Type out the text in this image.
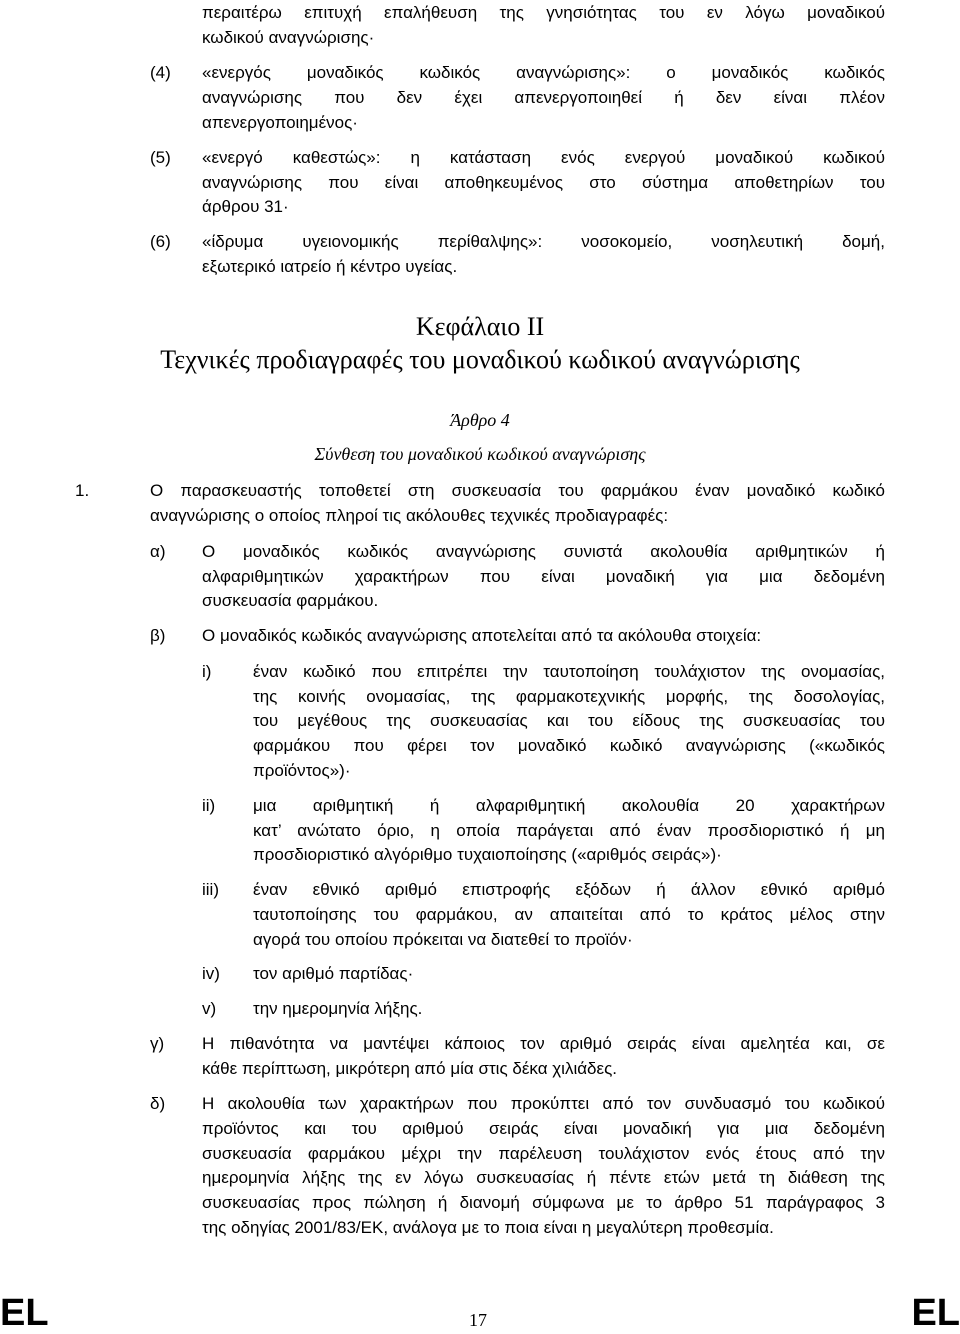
περαιτέρω επιτυχή επαλήθευση της γνησιότητας του εν λόγω μοναδικού
κωδικού αναγνώρισης·
(4) «ενεργός μοναδικός κωδικός αναγνώρισης»: ο μοναδικός κωδικός
αναγνώρισης που δεν έχει απενεργοποιηθεί ή δεν είναι πλέον
απενεργοποιημένος·
(5) «ενεργό καθεστώς»: η κατάσταση ενός ενεργού μοναδικού κωδικού
αναγνώρισης που είναι αποθηκευμένος στο σύστημα αποθετηρίων του
άρθρου 31·
(6) «ίδρυμα υγειονομικής περίθαλψης»: νοσοκομείο, νοσηλευτική δομή,
εξωτερικό ιατρείο ή κέντρο υγείας.
Κεφάλαιο II
Τεχνικές προδιαγραφές του μοναδικού κωδικού αναγνώρισης
Άρθρο 4
Σύνθεση του μοναδικού κωδικού αναγνώρισης
1.	Ο παρασκευαστής τοποθετεί στη συσκευασία του φαρμάκου έναν μοναδικό κωδικό
αναγνώρισης ο οποίος πληροί τις ακόλουθες τεχνικές προδιαγραφές:
α) Ο μοναδικός κωδικός αναγνώρισης συνιστά ακολουθία αριθμητικών ή
αλφαριθμητικών χαρακτήρων που είναι μοναδική για μια δεδομένη
συσκευασία φαρμάκου.
β) Ο μοναδικός κωδικός αναγνώρισης αποτελείται από τα ακόλουθα στοιχεία:
i) έναν κωδικό που επιτρέπει την ταυτοποίηση τουλάχιστον της ονομασίας,
της κοινής ονομασίας, της φαρμακοτεχνικής μορφής, της δοσολογίας,
του μεγέθους της συσκευασίας και του είδους της συσκευασίας του
φαρμάκου που φέρει τον μοναδικό κωδικό αναγνώρισης («κωδικός
προϊόντος»)·
ii) μια αριθμητική ή αλφαριθμητική ακολουθία 20 χαρακτήρων
κατ’ ανώτατο όριο, η οποία παράγεται από έναν προσδιοριστικό ή μη
προσδιοριστικό αλγόριθμο τυχαιοποίησης («αριθμός σειράς»)·
iii) έναν εθνικό αριθμό επιστροφής εξόδων ή άλλον εθνικό αριθμό
ταυτοποίησης του φαρμάκου, αν απαιτείται από το κράτος μέλος στην
αγορά του οποίου πρόκειται να διατεθεί το προϊόν·
iv) τον αριθμό παρτίδας·
v) την ημερομηνία λήξης.
γ) Η πιθανότητα να μαντέψει κάποιος τον αριθμό σειράς είναι αμελητέα και, σε
κάθε περίπτωση, μικρότερη από μία στις δέκα χιλιάδες.
δ) Η ακολουθία των χαρακτήρων που προκύπτει από τον συνδυασμό του κωδικού
προϊόντος και του αριθμού σειράς είναι μοναδική για μια δεδομένη
συσκευασία φαρμάκου μέχρι την παρέλευση τουλάχιστον ενός έτους από την
ημερομηνία λήξης της εν λόγω συσκευασίας ή πέντε ετών μετά τη διάθεση της
συσκευασίας προς πώληση ή διανομή σύμφωνα με το άρθρο 51 παράγραφος 3
της οδηγίας 2001/83/ΕΚ, ανάλογα με το ποια είναι η μεγαλύτερη προθεσμία.
EL	17	EL
